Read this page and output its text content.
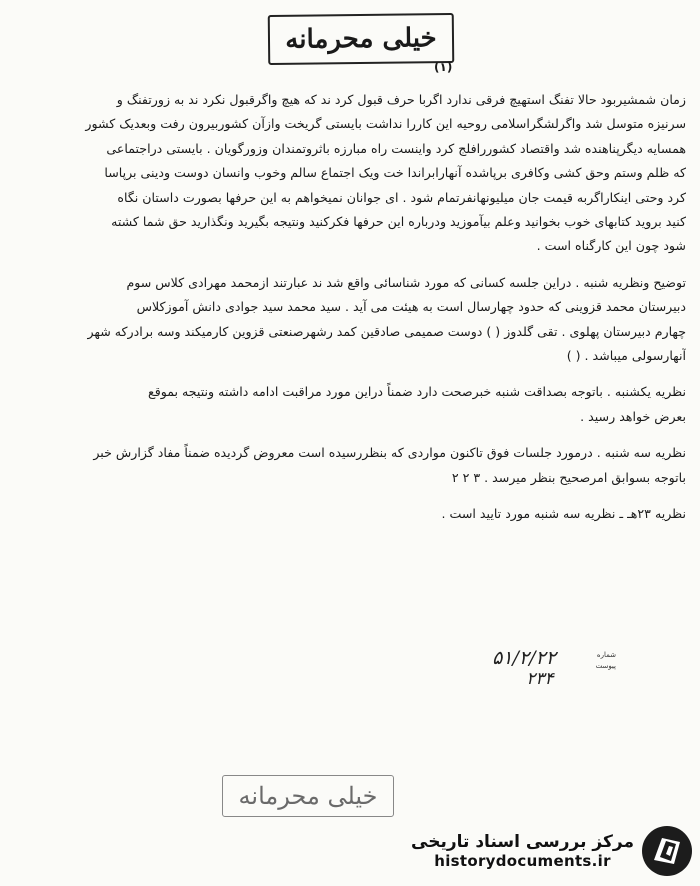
خیلی محرمانه
(۱)
زمان شمشیربود حالا تفنگ استهیچ فرقی ندارد اگربا حرف قبول کرد ند که هیچ واگرقبول نکرد ند به زورتفنگ و
سرنیزه متوسل شد واگرلشگراسلامی روحیه این کاررا نداشت بایستی گریخت وازآن کشوربیرون رفت وبعدیک کشور
همسایه دیگرپناهنده شد واقتصاد کشوررافلج کرد واینست راه مبارزه باثروتمندان وزورگویان . بایستی دراجتماعی
که ظلم وستم وحق کشی وکافری برپاشده آنهارابراندا خت ویک اجتماع سالم وخوب وانسان دوست ودینی برپاسا
کرد وحتی اینکاراگربه قیمت جان میلیونهانفرتمام شود . ای جوانان نمیخواهم به این حرفها بصورت داستان نگاه
کنید بروید کتابهای خوب بخوانید وعلم بیآموزید ودرباره این حرفها فکرکنید ونتیجه بگیرید ونگذارید حق شما کشته
شود چون این کارگناه است .
توضیح ونظریه شنبه . دراین جلسه کسانی که مورد شناسائی واقع شد ند عبارتند ازمحمد مهرادی کلاس سوم
دبیرستان محمد قزوینی که حدود چهارسال است به هیئت می آید . سید محمد سید جوادی دانش آموزکلاس
چهارم دبیرستان پهلوی . تقی گلدوز ( ) دوست صمیمی صادقین کمد رشهرصنعتی قزوین کارمیکند وسه برادرکه شهر
آنهارسولی میباشد . ( )
نظریه یکشنبه . باتوجه بصداقت شنبه خبرصحت دارد ضمناً دراین مورد مراقبت ادامه داشته ونتیجه بموقع
بعرض خواهد رسید .
نظریه سه شنبه . درمورد جلسات فوق تاکنون مواردی که بنظررسیده است معروض گردیده ضمناً مفاد گزارش خبر
باتوجه بسوابق امرصحیح بنظر میرسد . ۳ ۲ ۲
نظریه ۲۳هـ ـ نظریه سه شنبه مورد تایید است .
شماره
پیوست
۵۱/۲/۲۲
۲۳۴
خیلی محرمانه
مرکز بررسی اسناد تاریخی
historydocuments.ir
